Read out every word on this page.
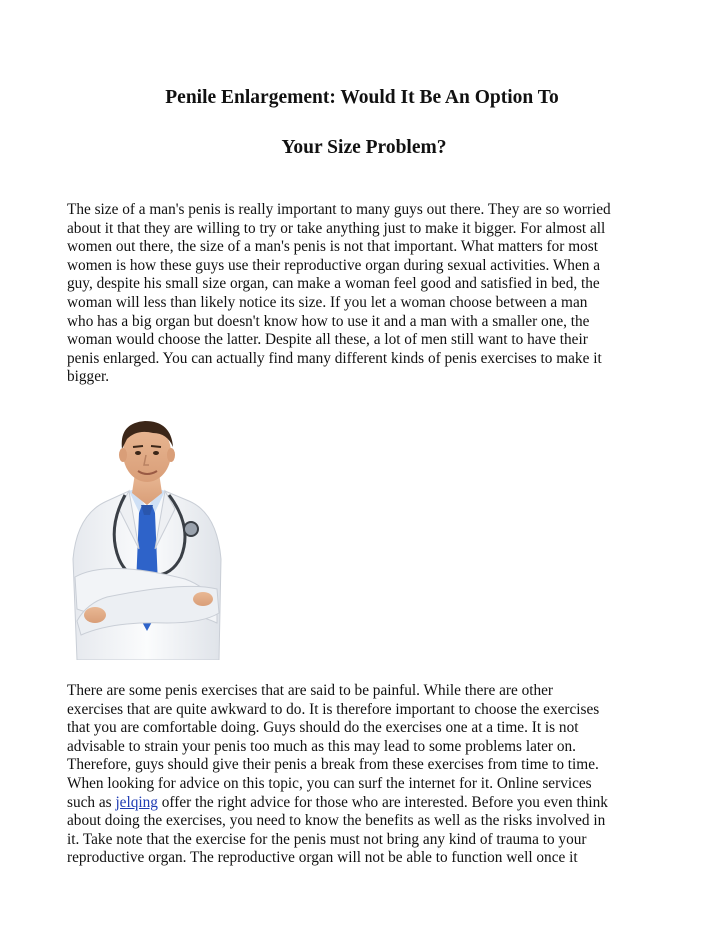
Penile Enlargement: Would It Be An Option To
Your Size Problem?
The size of a man's penis is really important to many guys out there. They are so worried
about it that they are willing to try or take anything just to make it bigger. For almost all
women out there, the size of a man's penis is not that important. What matters for most
women is how these guys use their reproductive organ during sexual activities. When a
guy, despite his small size organ, can make a woman feel good and satisfied in bed, the
woman will less than likely notice its size. If you let a woman choose between a man
who has a big organ but doesn't know how to use it and a man with a smaller one, the
woman would choose the latter. Despite all these, a lot of men still want to have their
penis enlarged. You can actually find many different kinds of penis exercises to make it
bigger.
There are some penis exercises that are said to be painful. While there are other
exercises that are quite awkward to do. It is therefore important to choose the exercises
that you are comfortable doing. Guys should do the exercises one at a time. It is not
advisable to strain your penis too much as this may lead to some problems later on.
Therefore, guys should give their penis a break from these exercises from time to time.
When looking for advice on this topic, you can surf the internet for it. Online services
such as jelqing offer the right advice for those who are interested. Before you even think
about doing the exercises, you need to know the benefits as well as the risks involved in
it. Take note that the exercise for the penis must not bring any kind of trauma to your
reproductive organ. The reproductive organ will not be able to function well once it
